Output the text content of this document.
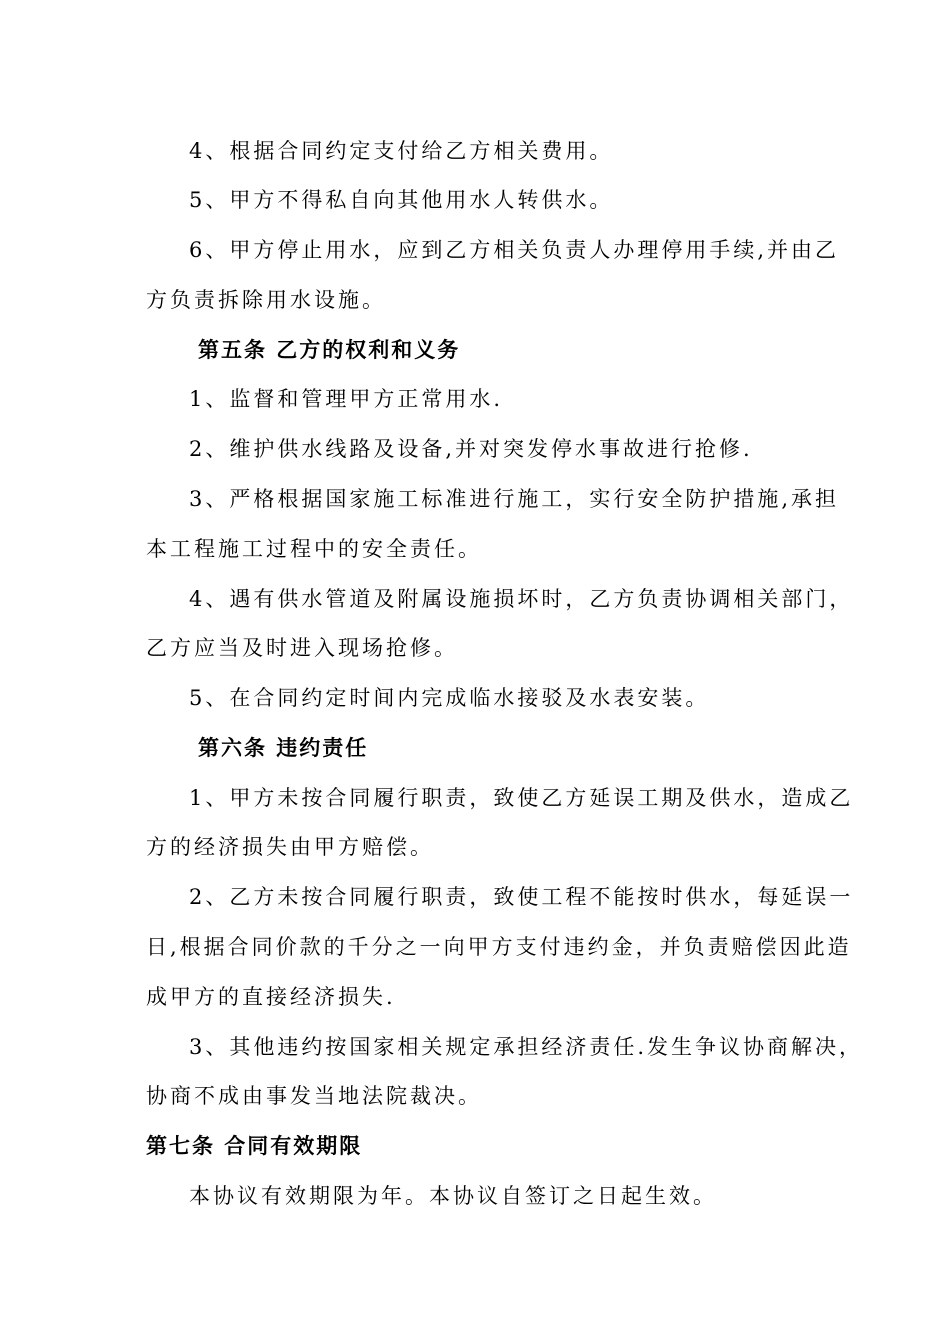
4、根据合同约定支付给乙方相关费用。
5、甲方不得私自向其他用水人转供水。
6、甲方停止用水，应到乙方相关负责人办理停用手续,并由乙
方负责拆除用水设施。
第五条 乙方的权利和义务
1、监督和管理甲方正常用水.
2、维护供水线路及设备,并对突发停水事故进行抢修.
3、严格根据国家施工标准进行施工，实行安全防护措施,承担
本工程施工过程中的安全责任。
4、遇有供水管道及附属设施损坏时，乙方负责协调相关部门，
乙方应当及时进入现场抢修。
5、在合同约定时间内完成临水接驳及水表安装。
第六条 违约责任
1、甲方未按合同履行职责，致使乙方延误工期及供水，造成乙
方的经济损失由甲方赔偿。
2、乙方未按合同履行职责，致使工程不能按时供水，每延误一
日,根据合同价款的千分之一向甲方支付违约金，并负责赔偿因此造
成甲方的直接经济损失.
3、其他违约按国家相关规定承担经济责任.发生争议协商解决，
协商不成由事发当地法院裁决。
第七条 合同有效期限
本协议有效期限为年。本协议自签订之日起生效。
